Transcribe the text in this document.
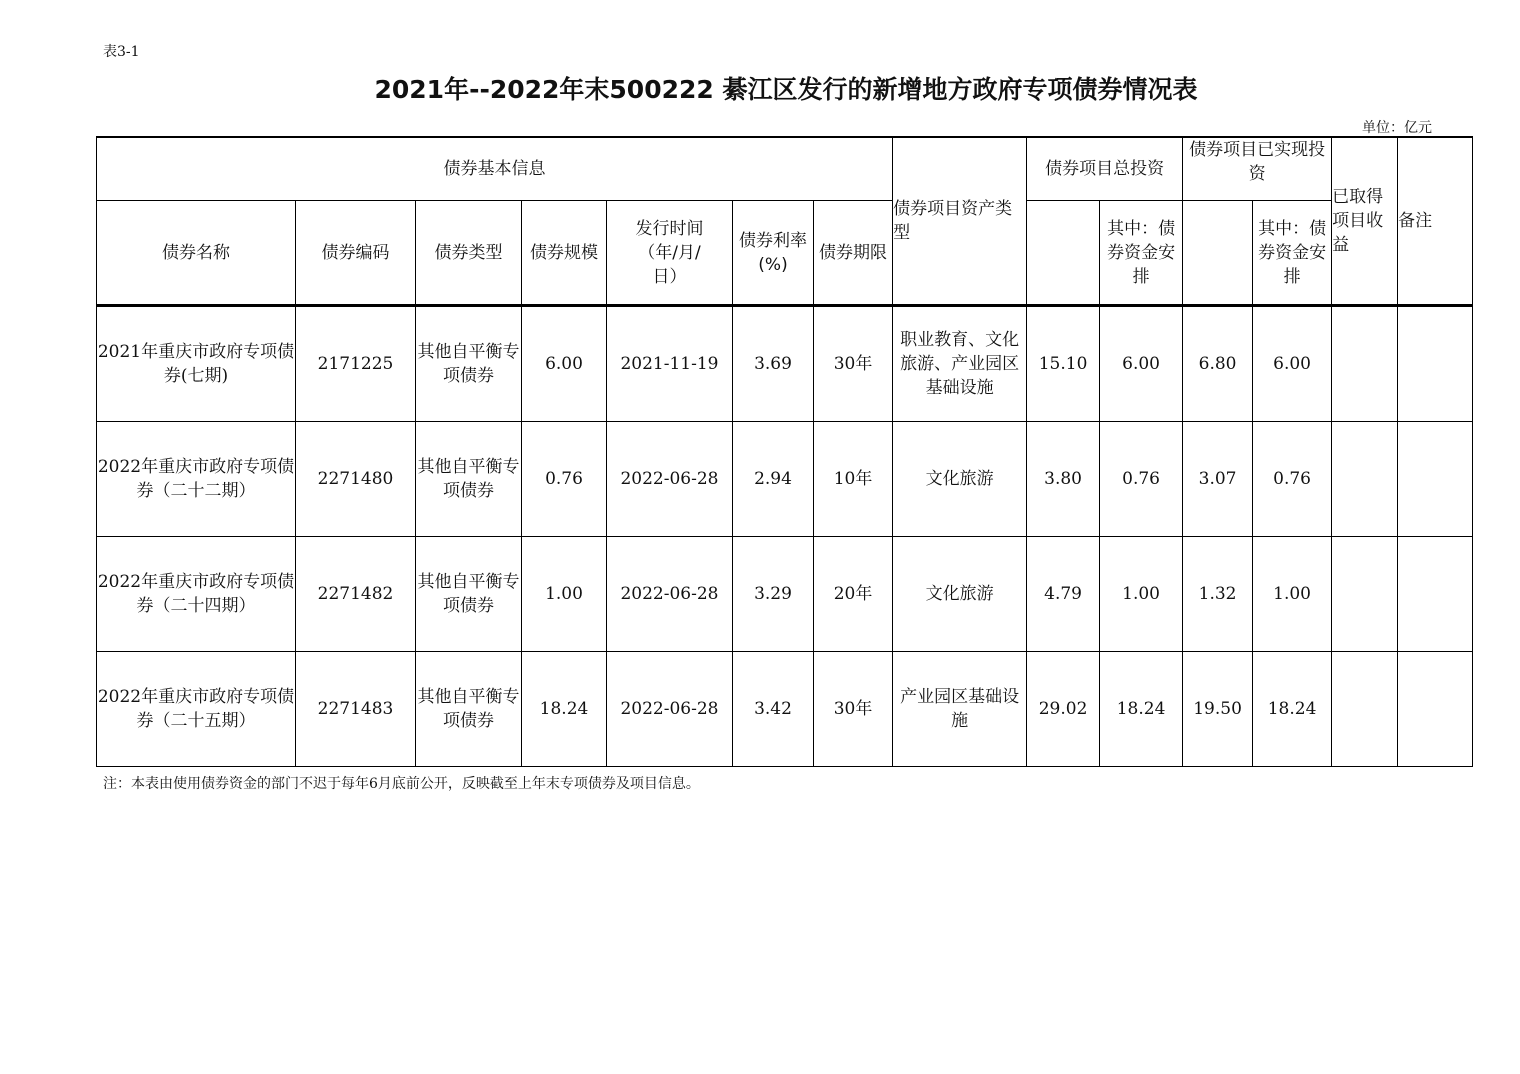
表3-1
2021年--2022年末500222 綦江区发行的新增地方政府专项债券情况表
单位：亿元
债券基本信息							债券项目资产类型	债券项目总投资		债券项目已实现投资		已取得项目收益	备注
债券名称	债券编码	债券类型	债券规模	发行时间（年/月/日）	债券利率(%)	债券期限			其中：债券资金安排		其中：债券资金安排		
2021年重庆市政府专项债券(七期)	2171225	其他自平衡专项债券	6.00	2021-11-19	3.69	30年	职业教育、文化旅游、产业园区基础设施	15.10	6.00	6.80	6.00		
2022年重庆市政府专项债券（二十二期）	2271480	其他自平衡专项债券	0.76	2022-06-28	2.94	10年	文化旅游	3.80	0.76	3.07	0.76		
2022年重庆市政府专项债券（二十四期）	2271482	其他自平衡专项债券	1.00	2022-06-28	3.29	20年	文化旅游	4.79	1.00	1.32	1.00		
2022年重庆市政府专项债券（二十五期）	2271483	其他自平衡专项债券	18.24	2022-06-28	3.42	30年	产业园区基础设施	29.02	18.24	19.50	18.24		
注：本表由使用债券资金的部门不迟于每年6月底前公开，反映截至上年末专项债券及项目信息。
